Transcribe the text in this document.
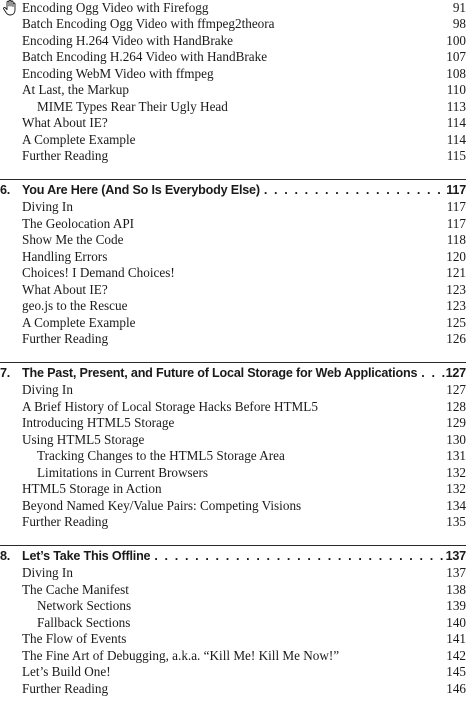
Encoding Ogg Video with Firefogg	91
Batch Encoding Ogg Video with ffmpeg2theora	98
Encoding H.264 Video with HandBrake	100
Batch Encoding H.264 Video with HandBrake	107
Encoding WebM Video with ffmpeg	108
At Last, the Markup	110
MIME Types Rear Their Ugly Head	113
What About IE?	114
A Complete Example	114
Further Reading	115
6. You Are Here (And So Is Everybody Else) . . .	117
Diving In	117
The Geolocation API	117
Show Me the Code	118
Handling Errors	120
Choices! I Demand Choices!	121
What About IE?	123
geo.js to the Rescue	123
A Complete Example	125
Further Reading	126
7. The Past, Present, and Future of Local Storage for Web Applications . . . 127
Diving In	127
A Brief History of Local Storage Hacks Before HTML5	128
Introducing HTML5 Storage	129
Using HTML5 Storage	130
Tracking Changes to the HTML5 Storage Area	131
Limitations in Current Browsers	132
HTML5 Storage in Action	132
Beyond Named Key/Value Pairs: Competing Visions	134
Further Reading	135
8. Let’s Take This Offline . . .	137
Diving In	137
The Cache Manifest	138
Network Sections	139
Fallback Sections	140
The Flow of Events	141
The Fine Art of Debugging, a.k.a. “Kill Me! Kill Me Now!”	142
Let’s Build One!	145
Further Reading	146
